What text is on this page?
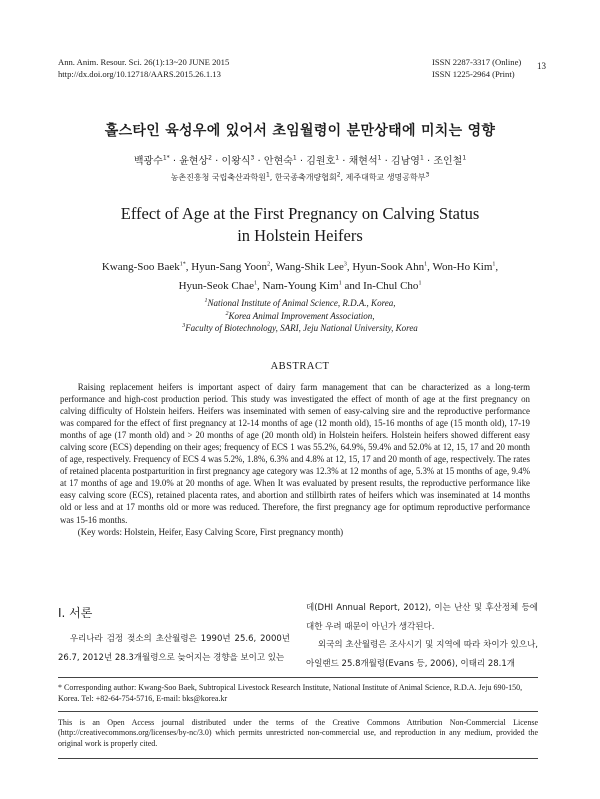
Ann. Anim. Resour. Sci. 26(1):13~20 JUNE 2015
http://dx.doi.org/10.12718/AARS.2015.26.1.13
ISSN 2287-3317 (Online)
ISSN 1225-2964 (Print)
13
홀스타인 육성우에 있어서 초임월령이 분만상태에 미치는 영향
백광수$^{1*}$ · 윤현상$^2$ · 이왕식$^3$ · 안현숙$^1$ · 김원호$^1$ · 채현석$^1$ · 김남영$^1$ · 조인철$^1$
농촌진흥청 국립축산과학원$^1$, 한국종축개량협회$^2$, 제주대학교 생명공학부$^3$
Effect of Age at the First Pregnancy on Calving Status
in Holstein Heifers
Kwang-Soo Baek$^{1*}$, Hyun-Sang Yoon$^2$, Wang-Shik Lee$^3$, Hyun-Sook Ahn$^1$, Won-Ho Kim$^1$,
Hyun-Seok Chae$^1$, Nam-Young Kim$^1$ and In-Chul Cho$^1$
$^1$National Institute of Animal Science, R.D.A., Korea,
$^2$Korea Animal Improvement Association,
$^3$Faculty of Biotechnology, SARI, Jeju National University, Korea
ABSTRACT

Raising replacement heifers is important aspect of dairy farm management that can be characterized as a long-term performance and high-cost production period. This study was investigated the effect of month of age at the first pregnancy on calving difficulty of Holstein heifers. Heifers was inseminated with semen of easy-calving sire and the reproductive performance was compared for the effect of first pregnancy at 12-14 months of age (12 month old), 15-16 months of age (15 month old), 17-19 months of age (17 month old) and > 20 months of age (20 month old) in Holstein heifers. Holstein heifers showed different easy calving score (ECS) depending on their ages; frequency of ECS 1 was 55.2%, 64.9%, 59.4% and 52.0% at 12, 15, 17 and 20 month of age, respectively. Frequency of ECS 4 was 5.2%, 1.8%, 6.3% and 4.8% at 12, 15, 17 and 20 month of age, respectively. The rates of retained placenta postparturition in first pregnancy age category was 12.3% at 12 months of age, 5.3% at 15 months of age, 9.4% at 17 months of age and 19.0% at 20 months of age. When It was evaluated by present results, the reproductive performance like easy calving score (ECS), retained placenta rates, and abortion and stillbirth rates of heifers which was inseminated at 14 months old or less and at 17 months old or more was reduced. Therefore, the first pregnancy age for optimum reproductive performance was 15-16 months.

(Key words: Holstein, Heifer, Easy Calving Score, First pregnancy month)

Ⅰ. 서론

우리나라 검정 젖소의 초산월령은 1990년 25.6, 2000년 26.7, 2012년 28.3개월령으로 늦어지는 경향을 보이고 있는

데(DHI Annual Report, 2012), 이는 난산 및 후산정체 등에 대한 우려 때문이 아닌가 생각된다.

외국의 초산월령은 조사시기 및 지역에 따라 차이가 있으나, 아일랜드 25.8개월령(Evans 등, 2006), 이태리 28.1개

* Corresponding author: Kwang-Soo Baek, Subtropical Livestock Research Institute, National Institute of Animal Science, R.D.A. Jeju 690-150, Korea. Tel: +82-64-754-5716, E-mail: bks@korea.kr
This is an Open Access journal distributed under the terms of the Creative Commons Attribution Non-Commercial License (http://creativecommons.org/licenses/by-nc/3.0) which permits unrestricted non-commercial use, and reproduction in any medium, provided the original work is properly cited.
